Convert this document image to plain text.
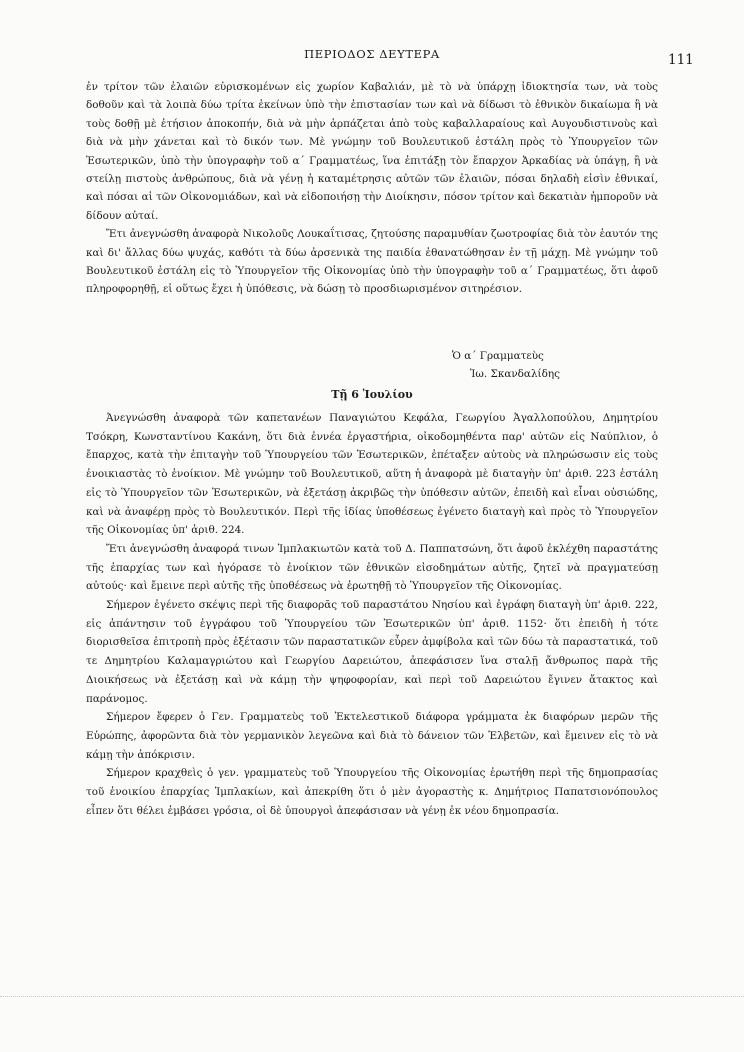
ΠΕΡΙΟΔΟΣ ΔΕΥΤΕΡΑ	111

ἐν τρίτον τῶν ἐλαιῶν εὑρισκομένων εἰς χωρίον Καβαλιάν, μὲ τὸ νὰ ὑπάρχῃ ἰδιοκτησία των, νὰ τοὺς δοθοῦν καὶ τὰ λοιπὰ δύω τρίτα ἐκείνων ὑπὸ τὴν ἐπιστασίαν των καὶ νὰ δίδωσι τὸ ἐθνικὸν δικαίωμα ἢ νὰ τοὺς δοθῇ μὲ ἐτήσιον ἀποκοπήν, διὰ νὰ μὴν ἁρπάζεται ἀπὸ τοὺς καβαλλαραίους καὶ Αυγουδιστινοὺς καὶ διὰ νὰ μὴν χάνεται καὶ τὸ δικόν των. Μὲ γνώμην τοῦ Βουλευτικοῦ ἐστάλη πρὸς τὸ Ὑπουργεῖον τῶν Ἐσωτερικῶν, ὑπὸ τὴν ὑπογραφὴν τοῦ α΄ Γραμματέως, ἵνα ἐπιτάξῃ τὸν ἔπαρχον Ἀρκαδίας νὰ ὑπάγῃ, ἢ νὰ στείλῃ πιστοὺς ἀνθρώπους, διὰ νὰ γένῃ ἡ καταμέτρησις αὐτῶν τῶν ἐλαιῶν, πόσαι δηλαδὴ εἰσὶν ἐθνικαί, καὶ πόσαι αἱ τῶν Οἰκονομιάδων, καὶ νὰ εἰδοποιήσῃ τὴν Διοίκησιν, πόσον τρίτον καὶ δεκατιὰν ἠμποροῦν νὰ δίδουν αὐταί.

Ἔτι ἀνεγνώσθη ἀναφορὰ Νικολοῦς Λουκαΐτισας, ζητούσης παραμυθίαν ζωοτροφίας διὰ τὸν ἑαυτόν της καὶ δι' ἄλλας δύω ψυχάς, καθότι τὰ δύω ἀρσενικὰ της παιδία ἐθανατώθησαν ἐν τῇ μάχῃ. Μὲ γνώμην τοῦ Βουλευτικοῦ ἐστάλη εἰς τὸ Ὑπουργεῖον τῆς Οἰκονομίας ὑπὸ τὴν ὑπογραφὴν τοῦ α΄ Γραμματέως, ὅτι ἀφοῦ πληροφορηθῇ, εἰ οὕτως ἔχει ἡ ὑπόθεσις, νὰ δώσῃ τὸ προσδιωρισμένον σιτηρέσιον.

Ὁ α΄ Γραμματεὺς
Ἰω. Σκανδαλίδης
Τῇ 6 Ἰουλίου

Ἀνεγνώσθη ἀναφορὰ τῶν καπετανέων Παναγιώτου Κεφάλα, Γεωργίου Ἀγαλλοπούλου, Δημητρίου Τσόκρη, Κωνσταντίνου Κακάνη, ὅτι διὰ ἐννέα ἐργαστήρια, οἰκοδομηθέντα παρ' αὐτῶν εἰς Ναύπλιον, ὁ ἔπαρχος, κατὰ τὴν ἐπιταγὴν τοῦ Ὑπουργείου τῶν Ἐσωτερικῶν, ἐπέταξεν αὐτοὺς νὰ πληρώσωσιν εἰς τοὺς ἐνοικιαστὰς τὸ ἐνοίκιον. Μὲ γνώμην τοῦ Βουλευτικοῦ, αὕτη ἡ ἀναφορὰ μὲ διαταγὴν ὑπ' ἀριθ. 223 ἐστάλη εἰς τὸ Ὑπουργεῖον τῶν Ἐσωτερικῶν, νὰ ἐξετάσῃ ἀκριβῶς τὴν ὑπόθεσιν αὐτῶν, ἐπειδὴ καὶ εἶναι οὐσιώδης, καὶ νὰ ἀναφέρῃ πρὸς τὸ Βουλευτικόν. Περὶ τῆς ἰδίας ὑποθέσεως ἐγένετο διαταγὴ καὶ πρὸς τὸ Ὑπουργεῖον τῆς Οἰκονομίας ὑπ' ἀριθ. 224.

Ἔτι ἀνεγνώσθη ἀναφορά τινων Ἰμπλακιωτῶν κατὰ τοῦ Δ. Παππατσώνη, ὅτι ἀφοῦ ἐκλέχθη παραστάτης τῆς ἐπαρχίας των καὶ ἠγόρασε τὸ ἐνοίκιον τῶν ἐθνικῶν εἰσοδημάτων αὐτῆς, ζητεῖ νὰ πραγματεύσῃ αὐτούς· καὶ ἔμεινε περὶ αὐτῆς τῆς ὑποθέσεως νὰ ἐρωτηθῇ τὸ Ὑπουργεῖον τῆς Οἰκονομίας.

Σήμερον ἐγένετο σκέψις περὶ τῆς διαφορᾶς τοῦ παραστάτου Νησίου καὶ ἐγράφη διαταγὴ ὑπ' ἀριθ. 222, εἰς ἀπάντησιν τοῦ ἐγγράφου τοῦ Ὑπουργείου τῶν Ἐσωτερικῶν ὑπ' ἀριθ. 1152· ὅτι ἐπειδὴ ἡ τότε διορισθεῖσα ἐπιτροπὴ πρὸς ἐξέτασιν τῶν παραστατικῶν εὗρεν ἀμφίβολα καὶ τῶν δύω τὰ παραστατικά, τοῦ τε Δημητρίου Καλαμαγριώτου καὶ Γεωργίου Δαρειώτου, ἀπεφάσισεν ἵνα σταλῇ ἄνθρωπος παρὰ τῆς Διοικήσεως νὰ ἐξετάσῃ καὶ νὰ κάμῃ τὴν ψηφοφορίαν, καὶ περὶ τοῦ Δαρειώτου ἔγινεν ἄτακτος καὶ παράνομος.

Σήμερον ἔφερεν ὁ Γεν. Γραμματεὺς τοῦ Ἐκτελεστικοῦ διάφορα γράμματα ἐκ διαφόρων μερῶν τῆς Εὐρώπης, ἀφορῶντα διὰ τὸν γερμανικὸν λεγεῶνα καὶ διὰ τὸ δάνειον τῶν Ἐλβετῶν, καὶ ἔμεινεν εἰς τὸ νὰ κάμῃ τὴν ἀπόκρισιν.

Σήμερον κραχθεὶς ὁ γεν. γραμματεὺς τοῦ Ὑπουργείου τῆς Οἰκονομίας ἐρωτήθη περὶ τῆς δημοπρασίας τοῦ ἐνοικίου ἐπαρχίας Ἰμπλακίων, καὶ ἀπεκρίθη ὅτι ὁ μὲν ἀγοραστὴς κ. Δημήτριος Παπατσιονόπουλος εἶπεν ὅτι θέλει ἐμβάσει γρόσια, οἱ δὲ ὑπουργοὶ ἀπεφάσισαν νὰ γένῃ ἐκ νέου δημοπρασία.
